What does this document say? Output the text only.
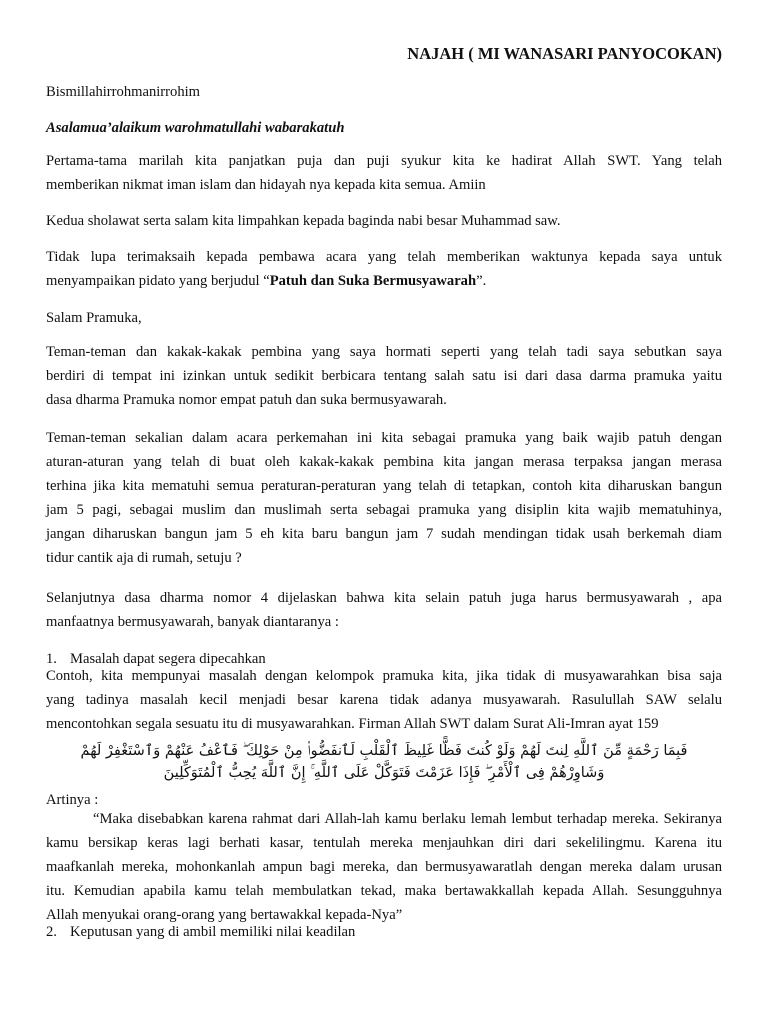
NAJAH ( MI WANASARI PANYOCOKAN)
Bismillahirrohmanirrohim
Asalamua’alaikum warohmatullahi wabarakatuh
Pertama-tama marilah kita panjatkan puja dan puji syukur kita ke hadirat Allah SWT. Yang telah
memberikan nikmat iman islam dan hidayah nya kepada kita semua. Amiin
Kedua sholawat serta salam kita limpahkan kepada baginda nabi besar Muhammad saw.
Tidak lupa terimaksaih kepada pembawa acara yang telah memberikan waktunya kepada saya untuk
menyampaikan pidato yang berjudul “Patuh dan Suka Bermusyawarah”.
Salam Pramuka,
Teman-teman dan kakak-kakak pembina yang saya hormati seperti yang telah tadi saya sebutkan saya
berdiri di tempat ini izinkan untuk sedikit berbicara tentang salah satu isi dari dasa darma pramuka yaitu
dasa dharma Pramuka nomor empat patuh dan suka bermusyawarah.
Teman-teman sekalian dalam acara perkemahan ini kita sebagai pramuka yang baik wajib patuh dengan
aturan-aturan yang telah di buat oleh kakak-kakak pembina kita jangan merasa terpaksa jangan merasa
terhina jika kita mematuhi semua peraturan-peraturan yang telah di tetapkan, contoh kita diharuskan bangun
jam 5 pagi, sebagai muslim dan muslimah serta sebagai pramuka yang disiplin kita wajib mematuhinya,
jangan diharuskan bangun jam 5 eh kita baru bangun jam 7 sudah mendingan tidak usah berkemah diam
tidur cantik aja di rumah, setuju ?
Selanjutnya dasa dharma nomor 4 dijelaskan bahwa kita selain patuh juga harus bermusyawarah , apa
manfaatnya bermusyawarah, banyak diantaranya :
1. Masalah dapat segera dipecahkan
Contoh, kita mempunyai masalah dengan kelompok pramuka kita, jika tidak di musyawarahkan bisa saja
yang tadinya masalah kecil menjadi besar karena tidak adanya musyawarah. Rasulullah SAW selalu
mencontohkan segala sesuatu itu di musyawarahkan. Firman Allah SWT dalam Surat Ali-Imran ayat 159
فَبِمَا رَحْمَةٍ مِّنَ ٱللَّهِ لِنتَ لَهُمْ وَلَوْ كُنتَ فَظًّا غَلِيظَ ٱلْقَلْبِ لَٱنفَضُّوا۟ مِنْ حَوْلِكَ ۖ فَٱعْفُ عَنْهُمْ وَٱسْتَغْفِرْ لَهُمْ
وَشَاوِرْهُمْ فِى ٱلْأَمْرِ ۖ فَإِذَا عَزَمْتَ فَتَوَكَّلْ عَلَى ٱللَّهِ ۚ إِنَّ ٱللَّهَ يُحِبُّ ٱلْمُتَوَكِّلِينَ
Artinya :
“Maka disebabkan karena rahmat dari Allah-lah kamu berlaku lemah lembut terhadap mereka. Sekiranya
kamu bersikap keras lagi berhati kasar, tentulah mereka menjauhkan diri dari sekelilingmu. Karena itu
maafkanlah mereka, mohonkanlah ampun bagi mereka, dan bermusyawaratlah dengan mereka dalam urusan
itu. Kemudian apabila kamu telah membulatkan tekad, maka bertawakkallah kepada Allah. Sesungguhnya
Allah menyukai orang-orang yang bertawakkal kepada-Nya”
2. Keputusan yang di ambil memiliki nilai keadilan
